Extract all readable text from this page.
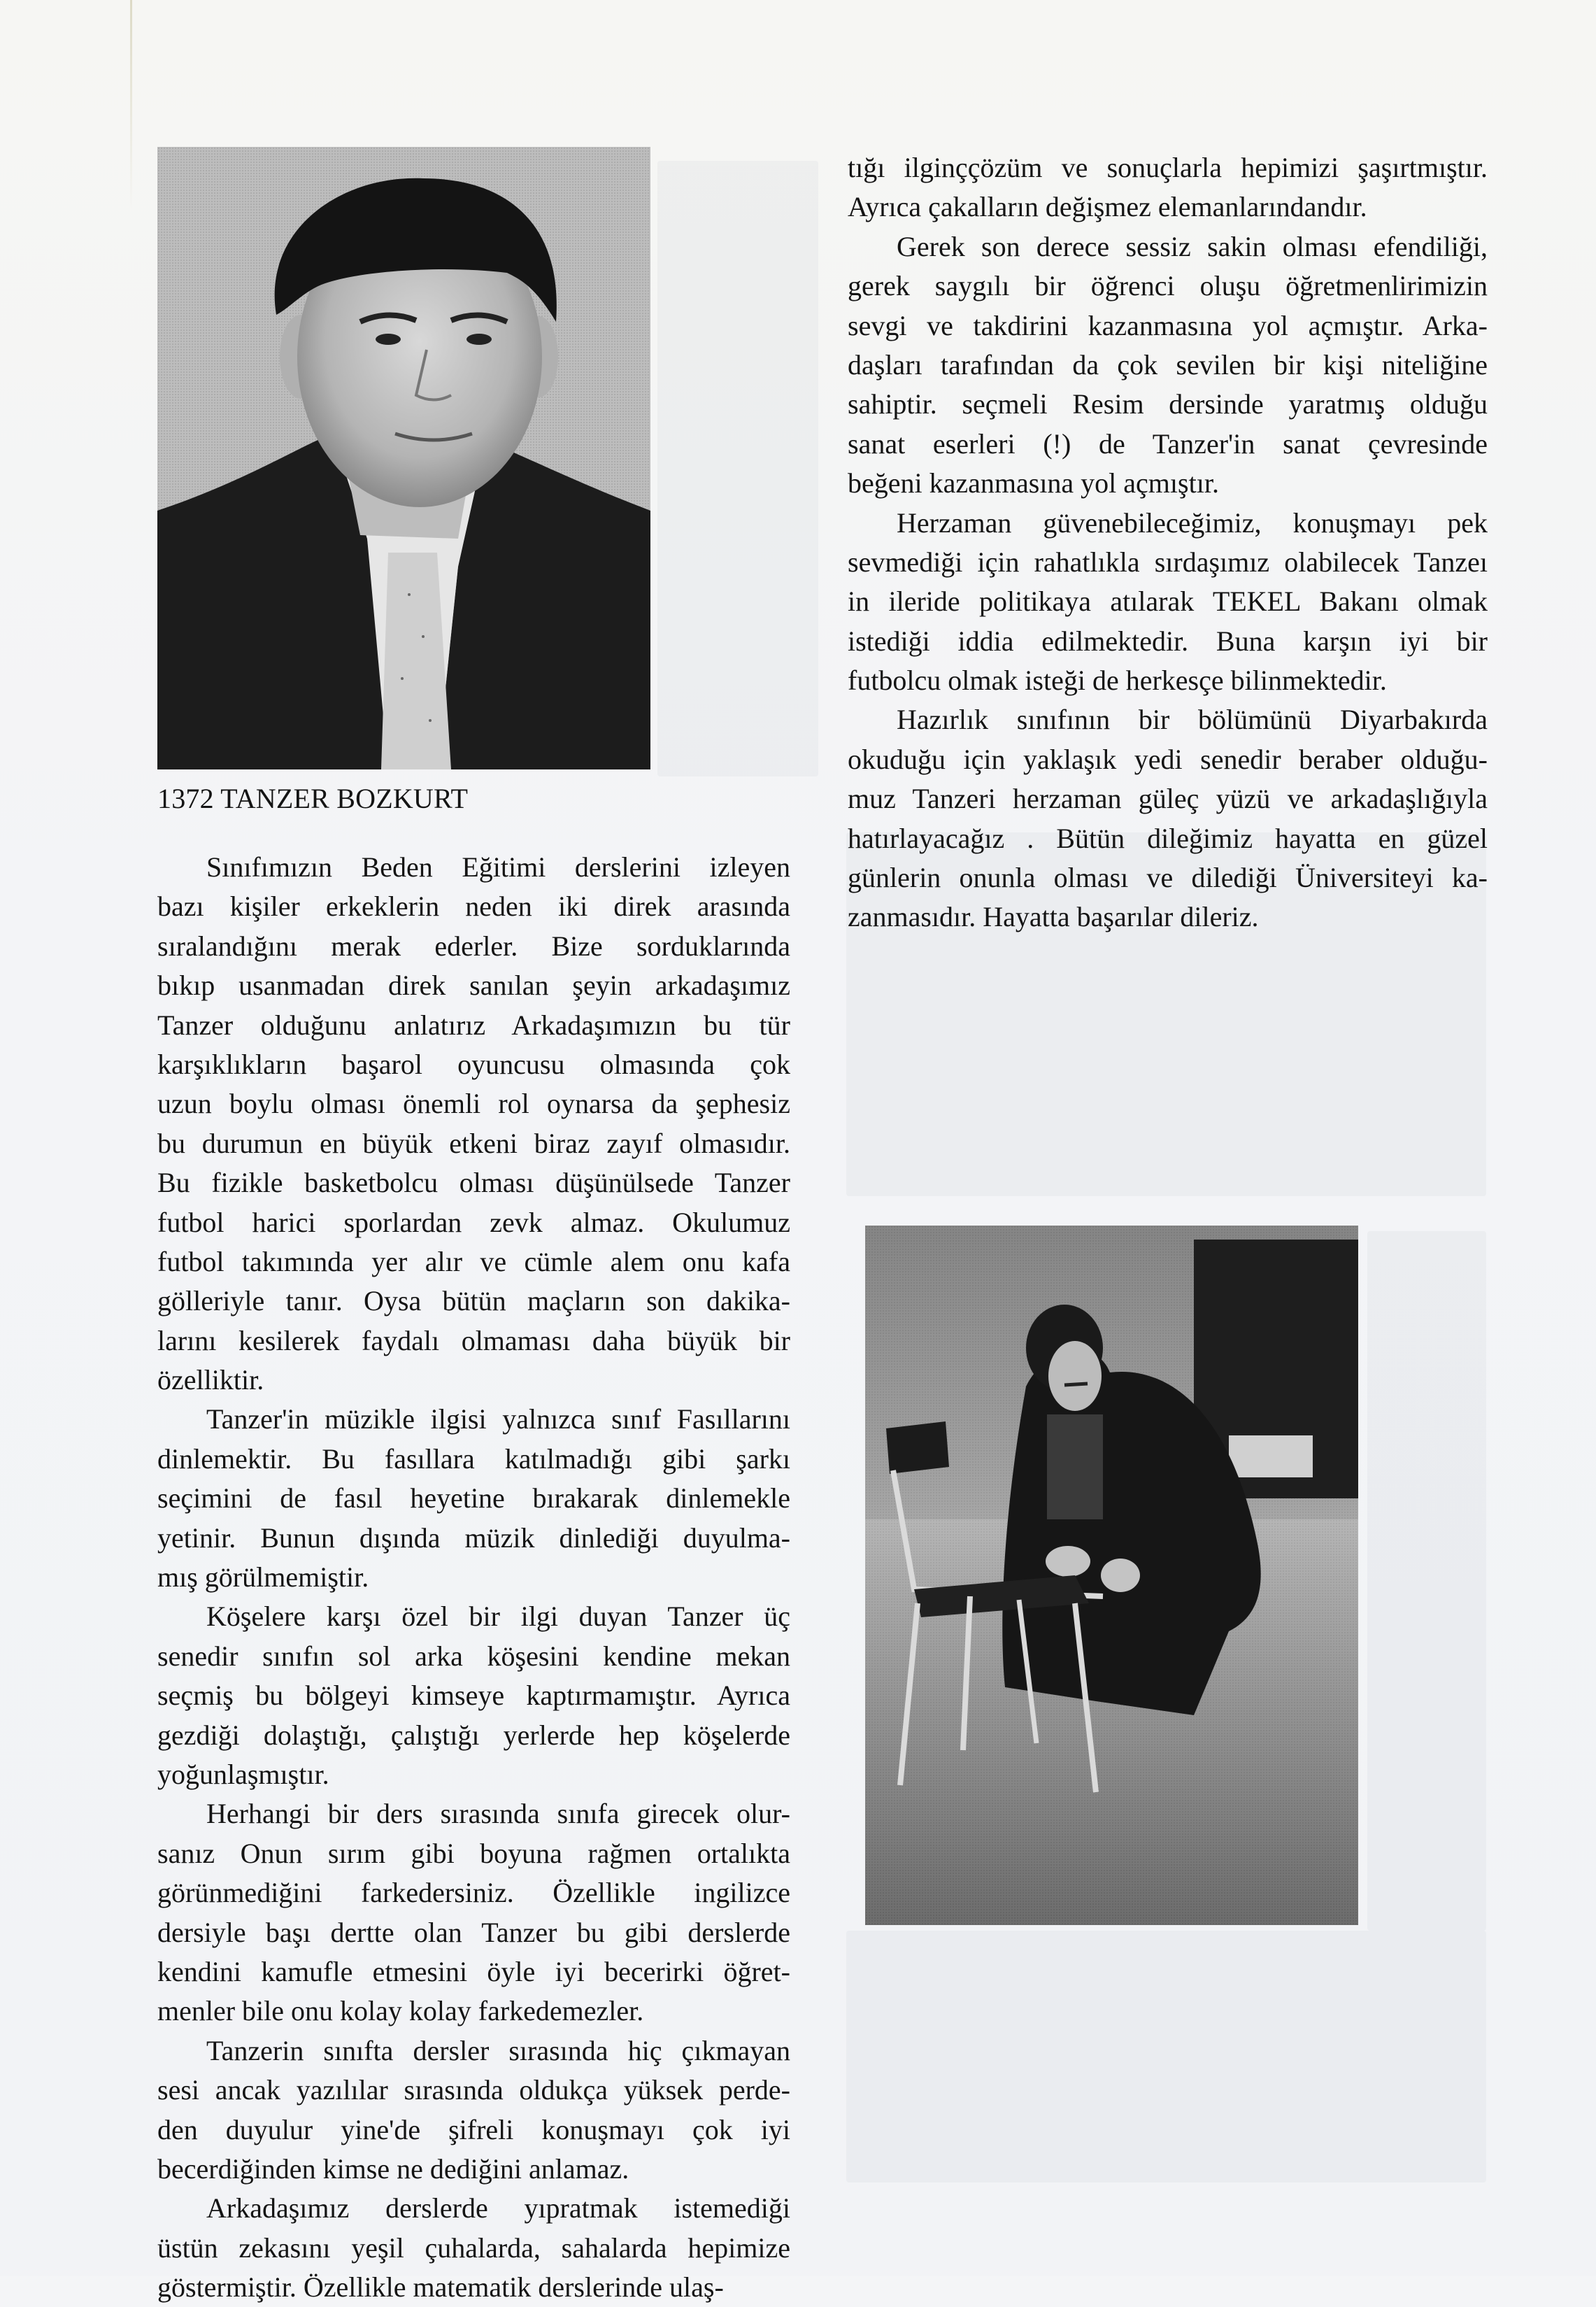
1372 TANZER BOZKURT
Sınıfımızın Beden Eğitimi derslerini izleyen
bazı kişiler erkeklerin neden iki direk arasında
sıralandığını merak ederler. Bize sorduklarında
bıkıp usanmadan direk sanılan şeyin arkadaşımız
Tanzer olduğunu anlatırız Arkadaşımızın bu tür
karşıklıkların başarol oyuncusu olmasında çok
uzun boylu olması önemli rol oynarsa da şephesiz
bu durumun en büyük etkeni biraz zayıf olmasıdır.
Bu fizikle basketbolcu olması düşünülsede Tanzer
futbol harici sporlardan zevk almaz. Okulumuz
futbol takımında yer alır ve cümle alem onu kafa
gölleriyle tanır. Oysa bütün maçların son dakika-
larını kesilerek faydalı olmaması daha büyük bir
özelliktir.
Tanzer'in müzikle ilgisi yalnızca sınıf Fasıllarını
dinlemektir. Bu fasıllara katılmadığı gibi şarkı
seçimini de fasıl heyetine bırakarak dinlemekle
yetinir. Bunun dışında müzik dinlediği duyulma-
mış görülmemiştir.
Köşelere karşı özel bir ilgi duyan Tanzer üç
senedir sınıfın sol arka köşesini kendine mekan
seçmiş bu bölgeyi kimseye kaptırmamıştır. Ayrıca
gezdiği dolaştığı, çalıştığı yerlerde hep köşelerde
yoğunlaşmıştır.
Herhangi bir ders sırasında sınıfa girecek olur-
sanız Onun sırım gibi boyuna rağmen ortalıkta
görünmediğini farkedersiniz. Özellikle ingilizce
dersiyle başı dertte olan Tanzer bu gibi derslerde
kendini kamufle etmesini öyle iyi becerirki öğret-
menler bile onu kolay kolay farkedemezler.
Tanzerin sınıfta dersler sırasında hiç çıkmayan
sesi ancak yazılılar sırasında oldukça yüksek perde-
den duyulur yine'de şifreli konuşmayı çok iyi
becerdiğinden kimse ne dediğini anlamaz.
Arkadaşımız derslerde yıpratmak istemediği
üstün zekasını yeşil çuhalarda, sahalarda hepimize
göstermiştir. Özellikle matematik derslerinde ulaş-
tığı ilginççözüm ve sonuçlarla hepimizi şaşırtmıştır.
Ayrıca çakalların değişmez elemanlarındandır.
Gerek son derece sessiz sakin olması efendiliği,
gerek saygılı bir öğrenci oluşu öğretmenlirimizin
sevgi ve takdirini kazanmasına yol açmıştır. Arka-
daşları tarafından da çok sevilen bir kişi niteliğine
sahiptir. seçmeli Resim dersinde yaratmış olduğu
sanat eserleri (!) de Tanzer'in sanat çevresinde
beğeni kazanmasına yol açmıştır.
Herzaman güvenebileceğimiz, konuşmayı pek
sevmediği için rahatlıkla sırdaşımız olabilecek Tanzeı
in ileride politikaya atılarak TEKEL Bakanı olmak
istediği iddia edilmektedir. Buna karşın iyi bir
futbolcu olmak isteği de herkesçe bilinmektedir.
Hazırlık sınıfının bir bölümünü Diyarbakırda
okuduğu için yaklaşık yedi senedir beraber olduğu-
muz Tanzeri herzaman güleç yüzü ve arkadaşlığıyla
hatırlayacağız . Bütün dileğimiz hayatta en güzel
günlerin onunla olması ve dilediği Üniversiteyi ka-
zanmasıdır. Hayatta başarılar dileriz.
